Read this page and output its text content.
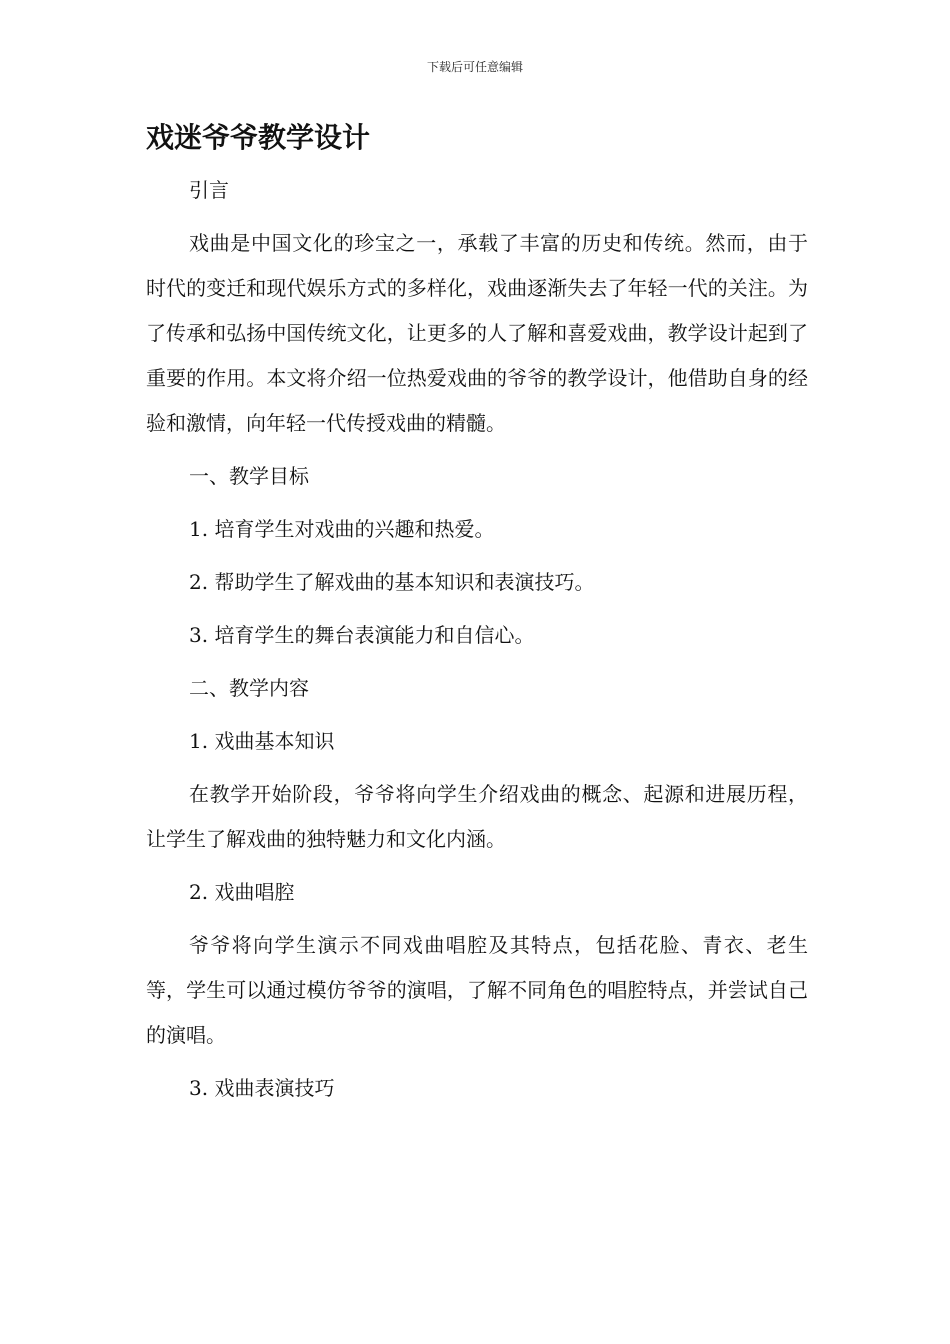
下载后可任意编辑
戏迷爷爷教学设计

引言

戏曲是中国文化的珍宝之一，承载了丰富的历史和传统。然而，由于时代的变迁和现代娱乐方式的多样化，戏曲逐渐失去了年轻一代的关注。为了传承和弘扬中国传统文化，让更多的人了解和喜爱戏曲，教学设计起到了重要的作用。本文将介绍一位热爱戏曲的爷爷的教学设计，他借助自身的经验和激情，向年轻一代传授戏曲的精髓。

一、教学目标

1. 培育学生对戏曲的兴趣和热爱。

2. 帮助学生了解戏曲的基本知识和表演技巧。

3. 培育学生的舞台表演能力和自信心。

二、教学内容

1. 戏曲基本知识

在教学开始阶段，爷爷将向学生介绍戏曲的概念、起源和进展历程，让学生了解戏曲的独特魅力和文化内涵。

2. 戏曲唱腔

爷爷将向学生演示不同戏曲唱腔及其特点，包括花脸、青衣、老生等，学生可以通过模仿爷爷的演唱，了解不同角色的唱腔特点，并尝试自己的演唱。

3. 戏曲表演技巧
